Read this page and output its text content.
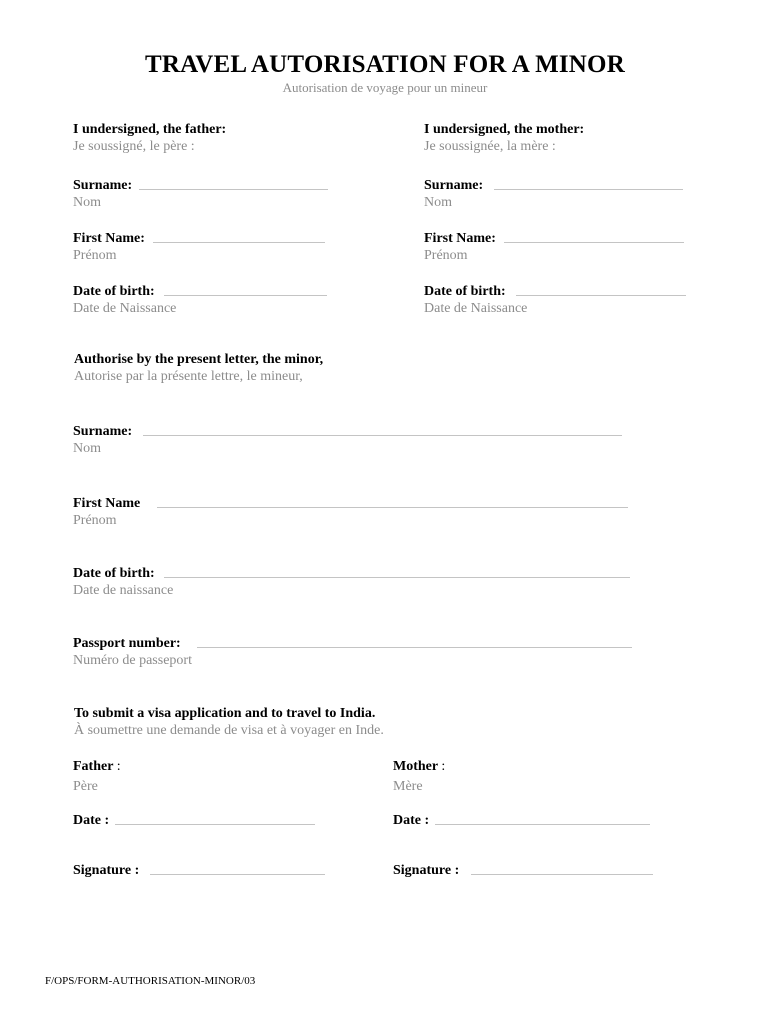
TRAVEL AUTORISATION FOR A MINOR
Autorisation de voyage pour un mineur
I undersigned, the father:
Je soussigné, le père :
Surname:
Nom
First Name:
Prénom
Date of birth:
Date de Naissance
I undersigned, the mother:
Je soussignée, la mère :
Surname:
Nom
First Name:
Prénom
Date of birth:
Date de Naissance
Authorise by the present letter, the minor,
Autorise par la présente lettre, le mineur,
Surname:
Nom
First Name
Prénom
Date of birth:
Date de naissance
Passport number:
Numéro de passeport
To submit a visa application and to travel to India.
À soumettre une demande de visa et à voyager en Inde.
Father :
Père
Date :
Signature :
Mother :
Mère
Date :
Signature :
F/OPS/FORM-AUTHORISATION-MINOR/03
